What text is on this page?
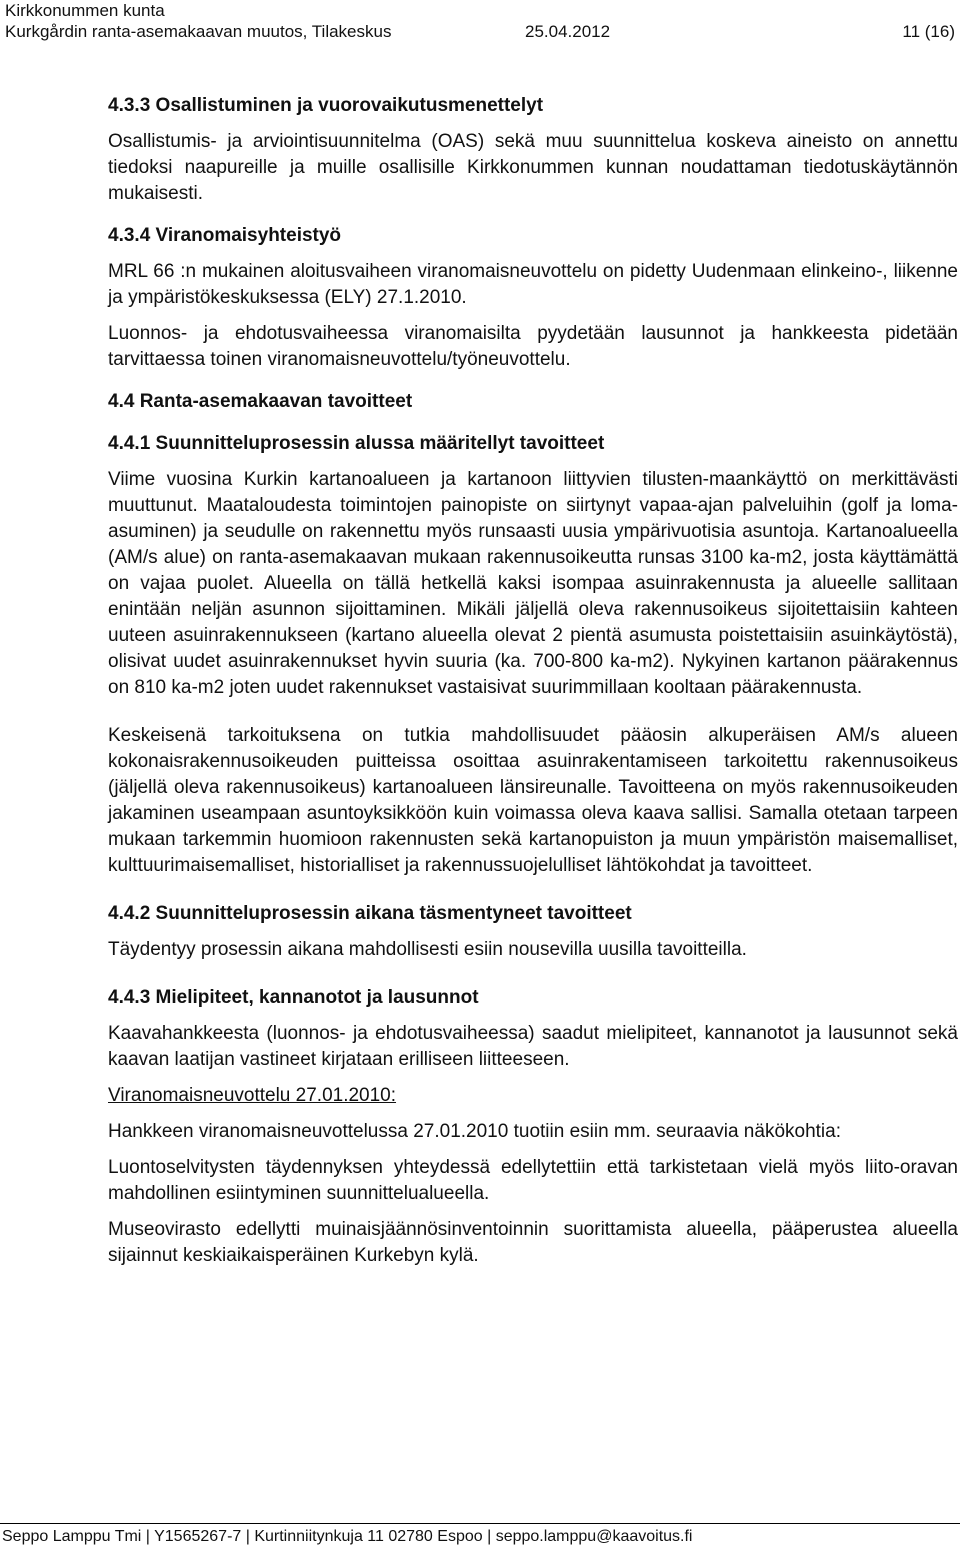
Kirkkonummen kunta
Kurkgårdin ranta-asemakaavan muutos, Tilakeskus	25.04.2012	11 (16)

4.3.3 Osallistuminen ja vuorovaikutusmenettelyt

Osallistumis- ja arviointisuunnitelma (OAS) sekä muu suunnittelua koskeva aineisto on annettu tiedoksi naapureille ja muille osallisille Kirkkonummen kunnan noudattaman tiedotuskäytännön mukaisesti.

4.3.4 Viranomaisyhteistyö

MRL 66 :n mukainen aloitusvaiheen viranomaisneuvottelu on pidetty Uudenmaan elinkeino-, liikenne ja ympäristökeskuksessa (ELY) 27.1.2010.

Luonnos- ja ehdotusvaiheessa viranomaisilta pyydetään lausunnot ja hankkeesta pidetään tarvittaessa toinen viranomaisneuvottelu/työneuvottelu.

4.4 Ranta-asemakaavan tavoitteet

4.4.1 Suunnitteluprosessin alussa määritellyt tavoitteet

Viime vuosina Kurkin kartanoalueen ja kartanoon liittyvien tilusten-maankäyttö on merkittävästi muuttunut. Maataloudesta toimintojen painopiste on siirtynyt vapaa-ajan palveluihin (golf ja loma-asuminen) ja seudulle on rakennettu myös runsaasti uusia ympärivuotisia asuntoja. Kartanoalueella (AM/s alue) on ranta-asemakaavan mukaan rakennusoikeutta runsas 3100 ka-m2, josta käyttämättä on vajaa puolet. Alueella on tällä hetkellä kaksi isompaa asuinrakennusta ja alueelle sallitaan enintään neljän asunnon sijoittaminen. Mikäli jäljellä oleva rakennusoikeus sijoitettaisiin kahteen uuteen asuinrakennukseen (kartano alueella olevat 2 pientä asumusta poistettaisiin asuinkäytöstä), olisivat uudet asuinrakennukset hyvin suuria (ka. 700-800 ka-m2). Nykyinen kartanon päärakennus on 810 ka-m2 joten uudet rakennukset vastaisivat suurimmillaan kooltaan päärakennusta.

Keskeisenä tarkoituksena on tutkia mahdollisuudet pääosin alkuperäisen AM/s alueen kokonaisrakennusoikeuden puitteissa osoittaa asuinrakentamiseen tarkoitettu rakennusoikeus (jäljellä oleva rakennusoikeus) kartanoalueen länsireunalle. Tavoitteena on myös rakennusoikeuden jakaminen useampaan asuntoyksikköön kuin voimassa oleva kaava sallisi. Samalla otetaan tarpeen mukaan tarkemmin huomioon rakennusten sekä kartanopuiston ja muun ympäristön maisemalliset, kulttuurimaisemalliset, historialliset ja rakennussuojelulliset lähtökohdat ja tavoitteet.

4.4.2 Suunnitteluprosessin aikana täsmentyneet tavoitteet

Täydentyy prosessin aikana mahdollisesti esiin nousevilla uusilla tavoitteilla.

4.4.3 Mielipiteet, kannanotot ja lausunnot

Kaavahankkeesta (luonnos- ja ehdotusvaiheessa) saadut mielipiteet, kannanotot ja lausunnot sekä kaavan laatijan vastineet kirjataan erilliseen liitteeseen.

Viranomaisneuvottelu 27.01.2010:

Hankkeen viranomaisneuvottelussa 27.01.2010 tuotiin esiin mm. seuraavia näkökohtia:

Luontoselvitysten täydennyksen yhteydessä edellytettiin että tarkistetaan vielä myös liito-oravan mahdollinen esiintyminen suunnittelualueella.

Museovirasto edellytti muinaisjäännösinventoinnin suorittamista alueella, pääperustea alueella sijainnut keskiaikaisperäinen Kurkebyn kylä.

Seppo Lamppu Tmi | Y1565267-7 | Kurtinniitynkuja 11 02780 Espoo | seppo.lamppu@kaavoitus.fi
